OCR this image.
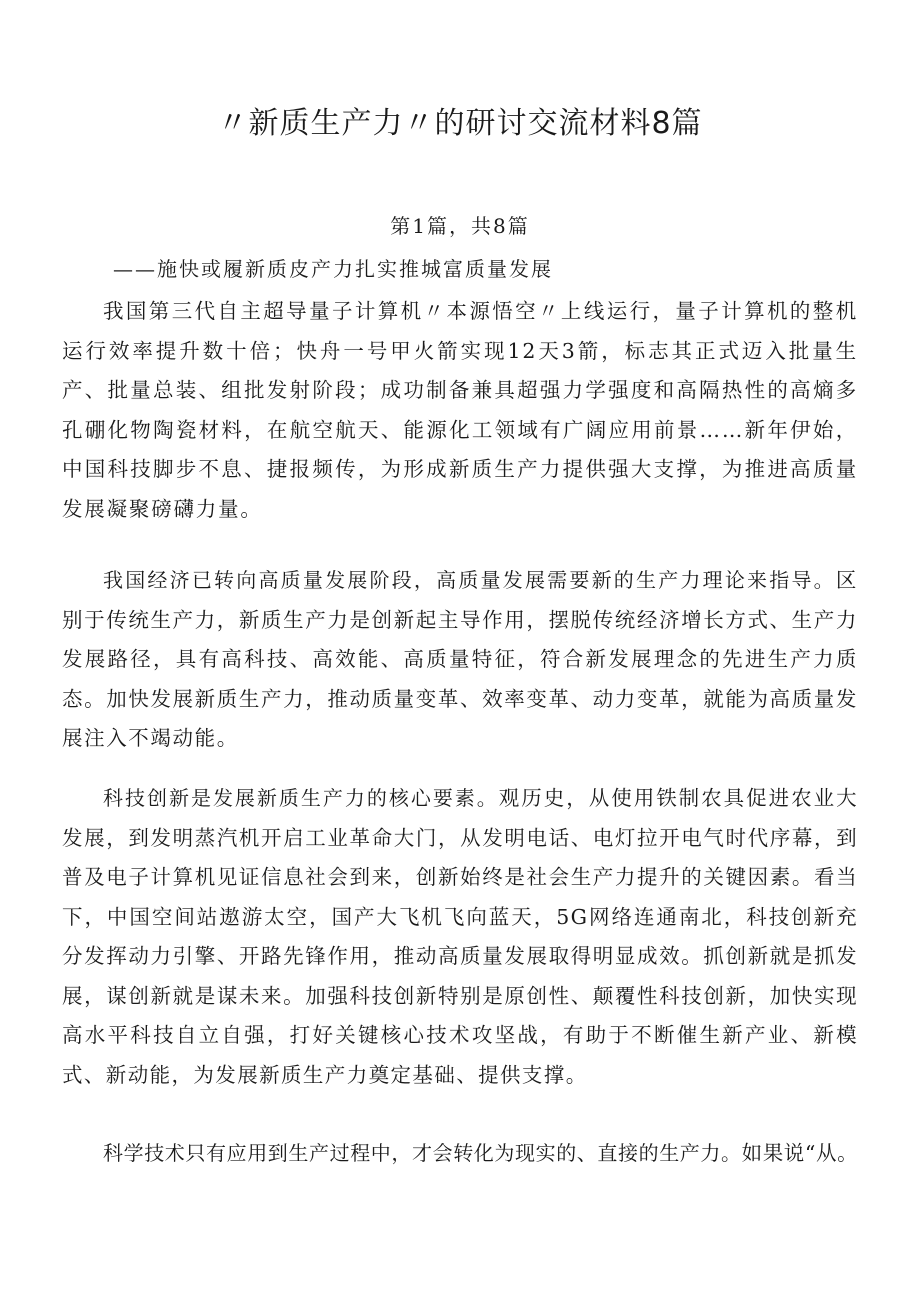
〃新质生产力〃的研讨交流材料8篇
第1篇，共8篇
——施快或履新质皮产力扎实推城富质量发展

我国第三代自主超导量子计算机〃本源悟空〃上线运行，量子计算机的整机运行效率提升数十倍；快舟一号甲火箭实现12天3箭，标志其正式迈入批量生产、批量总装、组批发射阶段；成功制备兼具超强力学强度和高隔热性的高熵多孔硼化物陶瓷材料，在航空航天、能源化工领域有广阔应用前景……新年伊始，中国科技脚步不息、捷报频传，为形成新质生产力提供强大支撑，为推进高质量发展凝聚磅礴力量。

我国经济已转向高质量发展阶段，高质量发展需要新的生产力理论来指导。区别于传统生产力，新质生产力是创新起主导作用，摆脱传统经济增长方式、生产力发展路径，具有高科技、高效能、高质量特征，符合新发展理念的先进生产力质态。加快发展新质生产力，推动质量变革、效率变革、动力变革，就能为高质量发展注入不竭动能。

科技创新是发展新质生产力的核心要素。观历史，从使用铁制农具促进农业大发展，到发明蒸汽机开启工业革命大门，从发明电话、电灯拉开电气时代序幕，到普及电子计算机见证信息社会到来，创新始终是社会生产力提升的关键因素。看当下，中国空间站遨游太空，国产大飞机飞向蓝天，5G网络连通南北，科技创新充分发挥动力引擎、开路先锋作用，推动高质量发展取得明显成效。抓创新就是抓发展，谋创新就是谋未来。加强科技创新特别是原创性、颠覆性科技创新，加快实现高水平科技自立自强，打好关键核心技术攻坚战，有助于不断催生新产业、新模式、新动能，为发展新质生产力奠定基础、提供支撑。

科学技术只有应用到生产过程中，才会转化为现实的、直接的生产力。如果说“从。
